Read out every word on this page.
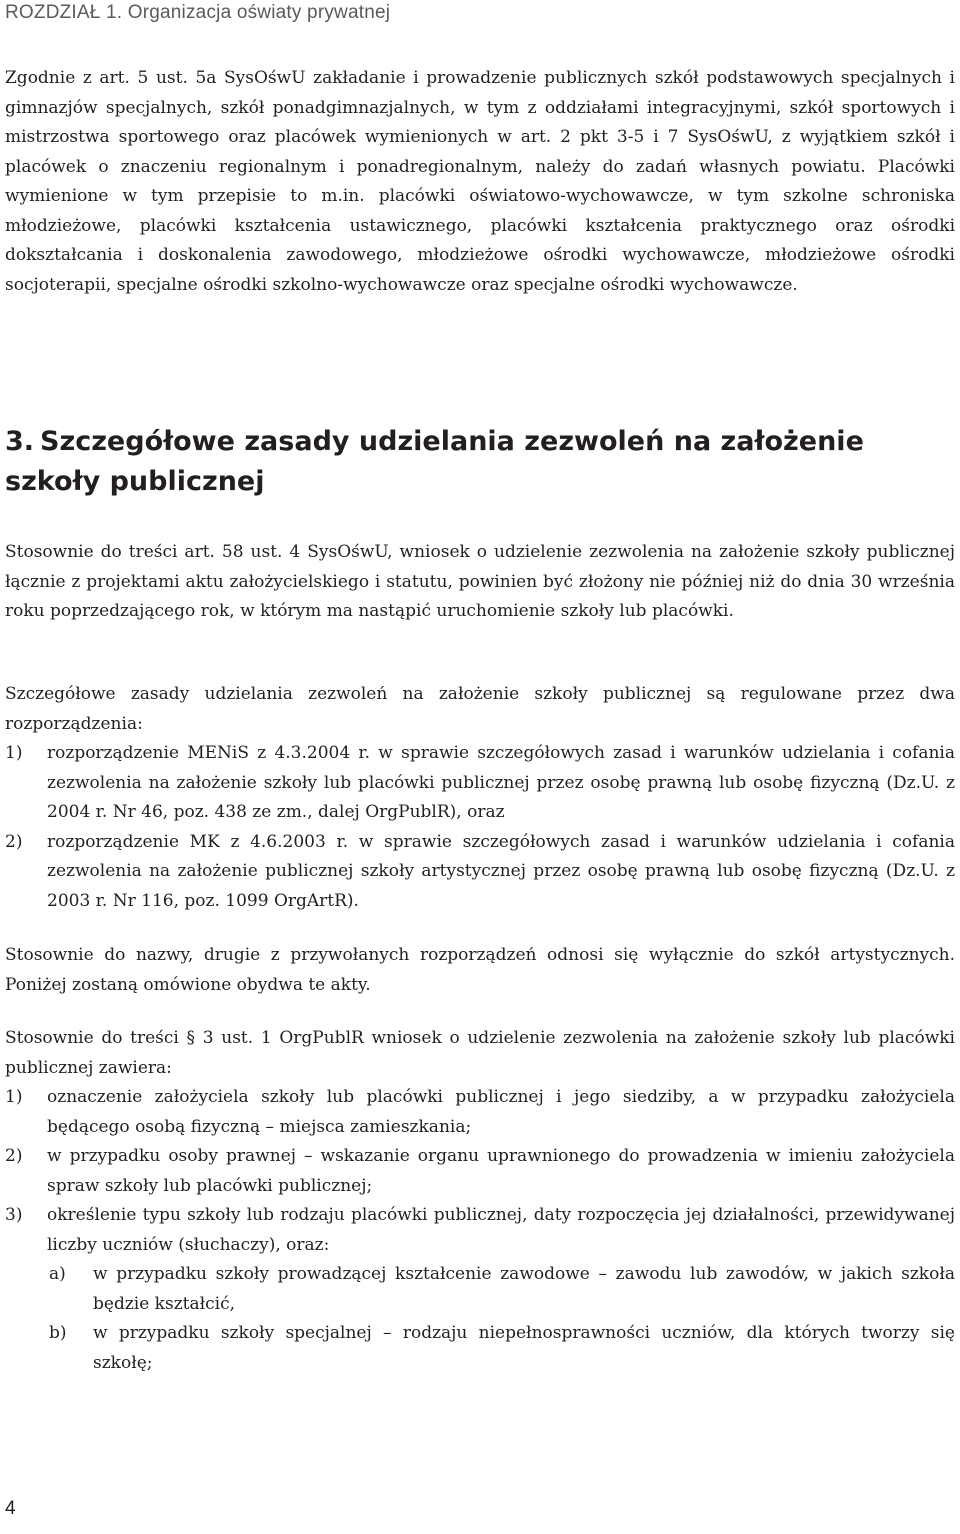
ROZDZIAŁ 1. Organizacja oświaty prywatnej

Zgodnie z art. 5 ust. 5a SysOśwU zakładanie i prowadzenie publicznych szkół podstawowych specjalnych i gimnazjów specjalnych, szkół ponadgimnazjalnych, w tym z oddziałami integracyjnymi, szkół sportowych i mistrzostwa sportowego oraz placówek wymienionych w art. 2 pkt 3-5 i 7 SysOśwU, z wyjątkiem szkół i placówek o znaczeniu regionalnym i ponadregionalnym, należy do zadań własnych powiatu. Placówki wymienione w tym przepisie to m.in. placówki oświatowo-wychowawcze, w tym szkolne schroniska młodzieżowe, placówki kształcenia ustawicznego, placówki kształcenia praktycznego oraz ośrodki dokształcania i doskonalenia zawodowego, młodzieżowe ośrodki wychowawcze, młodzieżowe ośrodki socjoterapii, specjalne ośrodki szkolno-wychowawcze oraz specjalne ośrodki wychowawcze.

3. Szczegółowe zasady udzielania zezwoleń na założenie szkoły publicznej

Stosownie do treści art. 58 ust. 4 SysOśwU, wniosek o udzielenie zezwolenia na założenie szkoły publicznej łącznie z projektami aktu założycielskiego i statutu, powinien być złożony nie później niż do dnia 30 września roku poprzedzającego rok, w którym ma nastąpić uruchomienie szkoły lub placówki.

Szczegółowe zasady udzielania zezwoleń na założenie szkoły publicznej są regulowane przez dwa rozporządzenia:

1)	rozporządzenie MENiS z 4.3.2004 r. w sprawie szczegółowych zasad i warunków udzielania i cofania zezwolenia na założenie szkoły lub placówki publicznej przez osobę prawną lub osobę fizyczną (Dz.U. z 2004 r. Nr 46, poz. 438 ze zm., dalej OrgPublR), oraz
2)	rozporządzenie MK z 4.6.2003 r. w sprawie szczegółowych zasad i warunków udzielania i cofania zezwolenia na założenie publicznej szkoły artystycznej przez osobę prawną lub osobę fizyczną (Dz.U. z 2003 r. Nr 116, poz. 1099 OrgArtR).

Stosownie do nazwy, drugie z przywołanych rozporządzeń odnosi się wyłącznie do szkół artystycznych. Poniżej zostaną omówione obydwa te akty.

Stosownie do treści § 3 ust. 1 OrgPublR wniosek o udzielenie zezwolenia na założenie szkoły lub placówki publicznej zawiera:

1)	oznaczenie założyciela szkoły lub placówki publicznej i jego siedziby, a w przypadku założyciela będącego osobą fizyczną – miejsca zamieszkania;
2)	w przypadku osoby prawnej – wskazanie organu uprawnionego do prowadzenia w imieniu założyciela spraw szkoły lub placówki publicznej;
3)	określenie typu szkoły lub rodzaju placówki publicznej, daty rozpoczęcia jej działalności, przewidywanej liczby uczniów (słuchaczy), oraz:
a)	w przypadku szkoły prowadzącej kształcenie zawodowe – zawodu lub zawodów, w jakich szkoła będzie kształcić,
b)	w przypadku szkoły specjalnej – rodzaju niepełnosprawności uczniów, dla których tworzy się szkołę;
4
